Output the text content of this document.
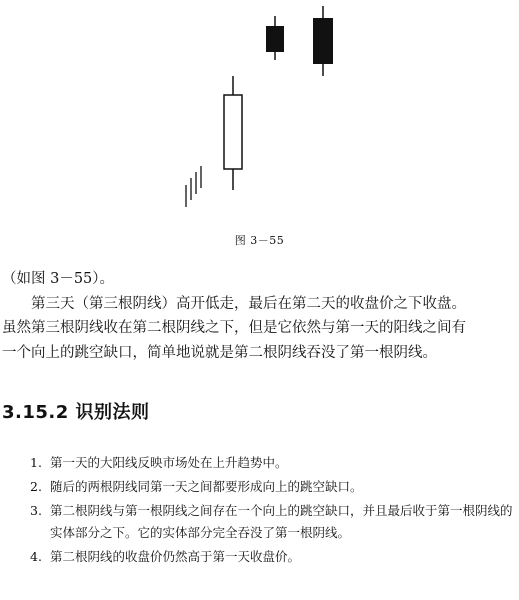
图 3－55

（如图 3－55）。

　　第三天（第三根阴线）高开低走，最后在第二天的收盘价之下收盘。

虽然第三根阴线收在第二根阴线之下，但是它依然与第一天的阳线之间有

一个向上的跳空缺口，简单地说就是第二根阴线吞没了第一根阴线。

3.15.2 识别法则
1. 第一天的大阳线反映市场处在上升趋势中。
2. 随后的两根阴线同第一天之间都要形成向上的跳空缺口。
3. 第二根阴线与第一根阴线之间存在一个向上的跳空缺口，并且最后收于第一根阴线的实体部分之下。它的实体部分完全吞没了第一根阴线。
4. 第二根阴线的收盘价仍然高于第一天收盘价。
